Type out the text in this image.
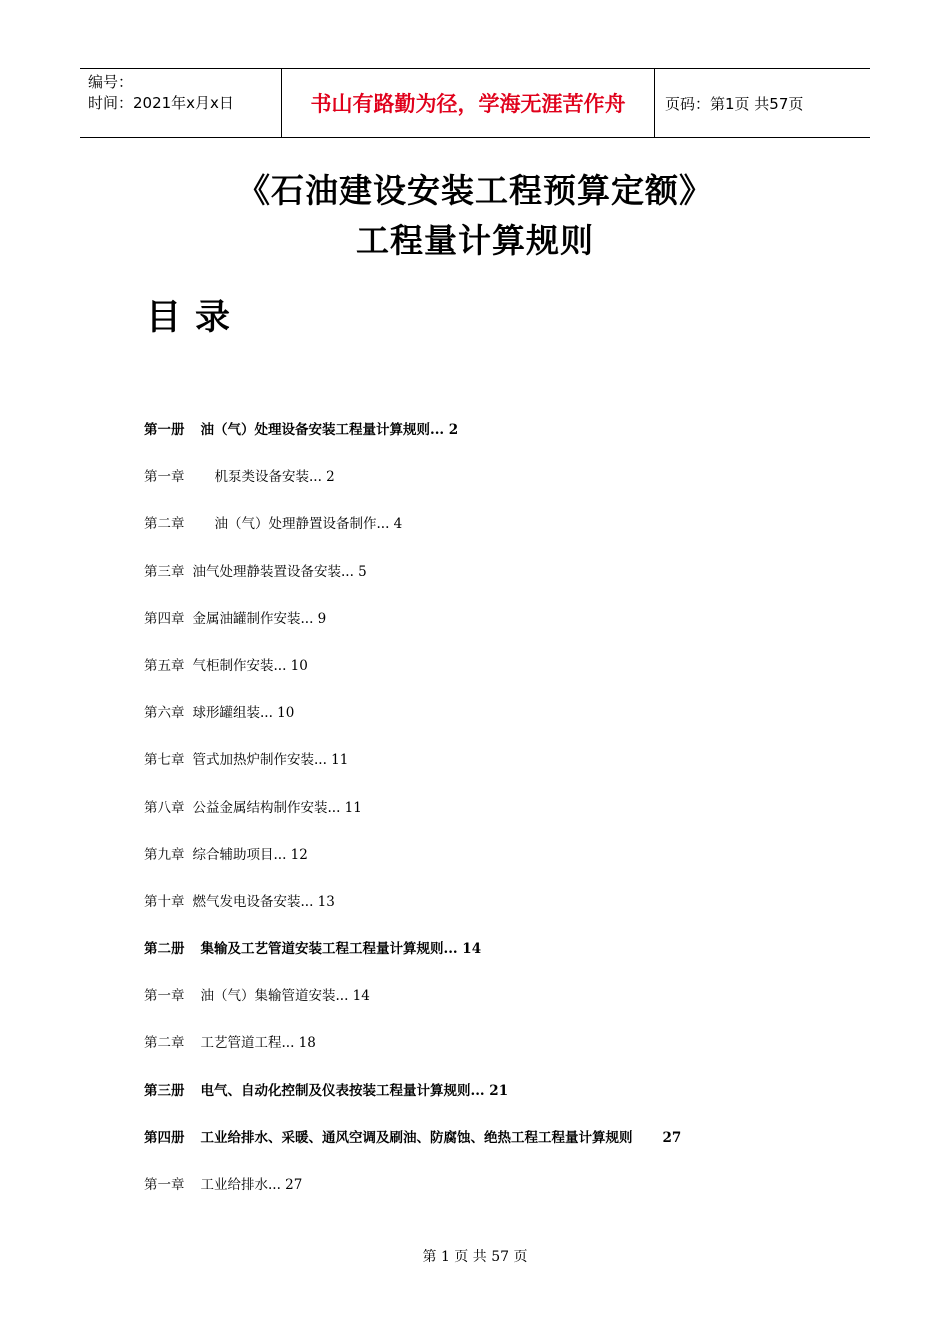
编号：
时间：2021年x月x日	书山有路勤为径，学海无涯苦作舟	页码：第1页 共57页
《石油建设安装工程预算定额》
工程量计算规则
目录
第一册 油（气）处理设备安装工程量计算规则... 2
第一章 机泵类设备安装... 2
第二章 油（气）处理静置设备制作... 4
第三章 油气处理静装置设备安装... 5
第四章 金属油罐制作安装... 9
第五章 气柜制作安装... 10
第六章 球形罐组装... 10
第七章 管式加热炉制作安装... 11
第八章 公益金属结构制作安装... 11
第九章 综合辅助项目... 12
第十章 燃气发电设备安装... 13
第二册 集输及工艺管道安装工程工程量计算规则... 14
第一章 油（气）集输管道安装... 14
第二章 工艺管道工程... 18
第三册 电气、自动化控制及仪表按装工程量计算规则... 21
第四册 工业给排水、采暖、通风空调及刷油、防腐蚀、绝热工程工程量计算规则 27
第一章 工业给排水... 27
第 1 页 共 57 页
